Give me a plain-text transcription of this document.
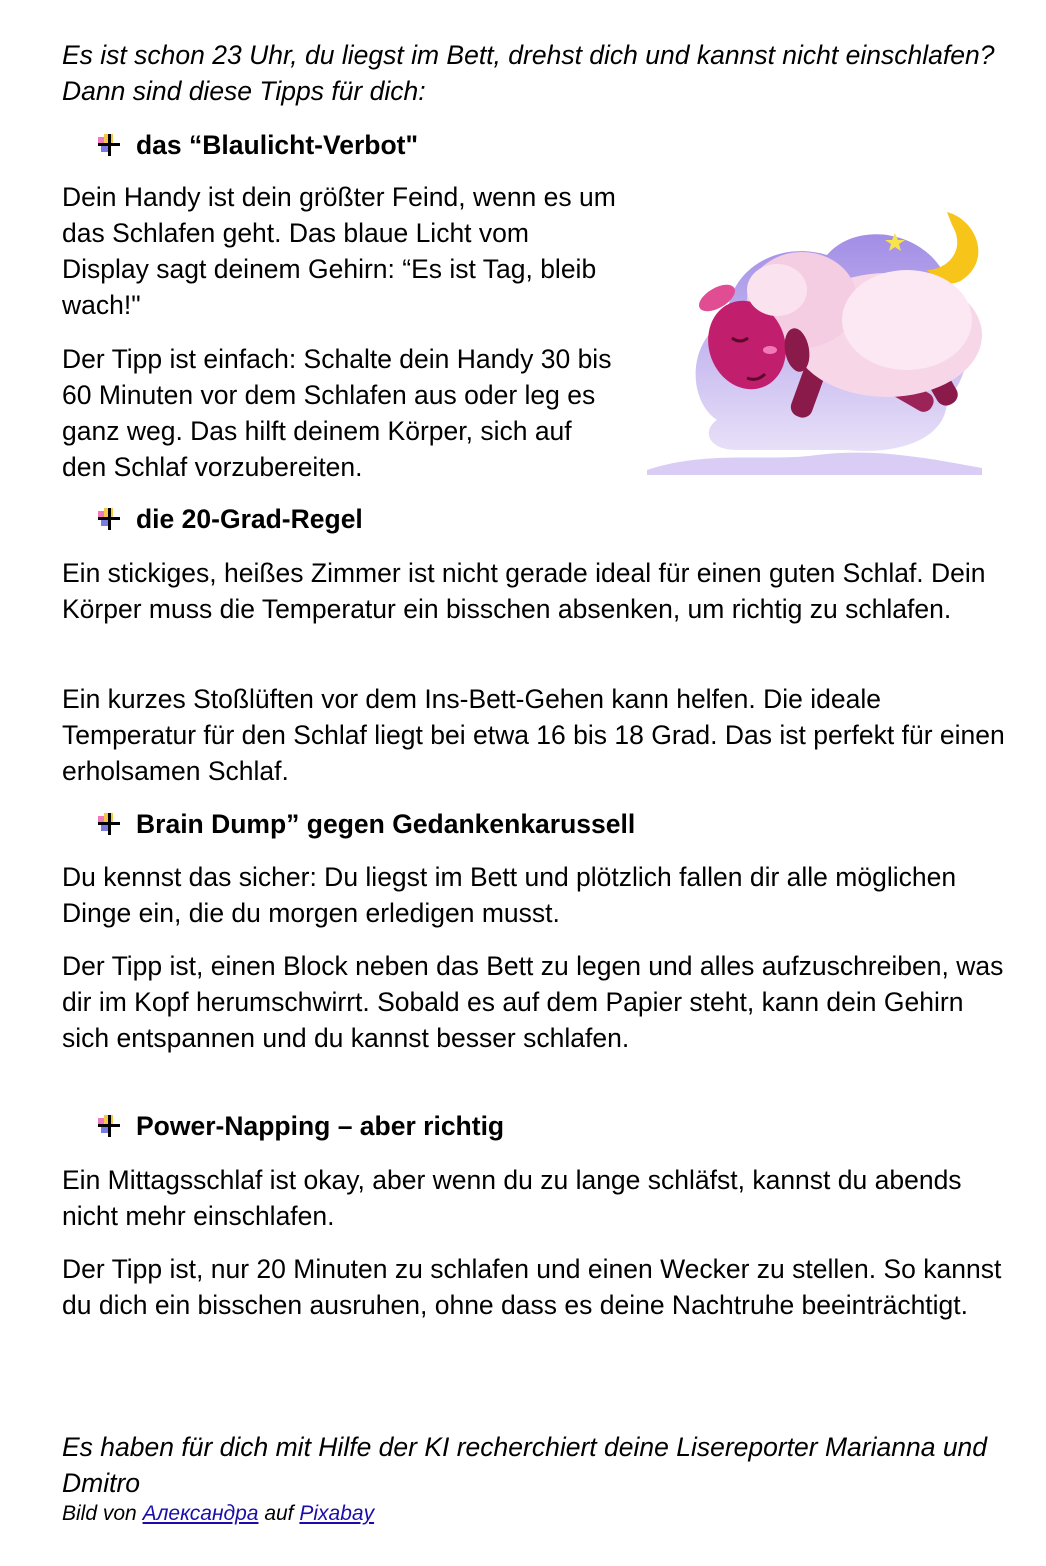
Es ist schon 23 Uhr, du liegst im Bett, drehst dich und kannst nicht einschlafen? Dann sind diese Tipps für dich:

das “Blaulicht-Verbot"

Dein Handy ist dein größter Feind, wenn es um das Schlafen geht. Das blaue Licht vom Display sagt deinem Gehirn: “Es ist Tag, bleib wach!"

Der Tipp ist einfach: Schalte dein Handy 30 bis 60 Minuten vor dem Schlafen aus oder leg es ganz weg. Das hilft deinem Körper, sich auf den Schlaf vorzubereiten.

die 20-Grad-Regel

Ein stickiges, heißes Zimmer ist nicht gerade ideal für einen guten Schlaf. Dein Körper muss die Temperatur ein bisschen absenken, um richtig zu schlafen.

Ein kurzes Stoßlüften vor dem Ins-Bett-Gehen kann helfen. Die ideale Temperatur für den Schlaf liegt bei etwa 16 bis 18 Grad. Das ist perfekt für einen erholsamen Schlaf.

Brain Dump” gegen Gedankenkarussell

Du kennst das sicher: Du liegst im Bett und plötzlich fallen dir alle möglichen Dinge ein, die du morgen erledigen musst.

Der Tipp ist, einen Block neben das Bett zu legen und alles aufzuschreiben, was dir im Kopf herumschwirrt. Sobald es auf dem Papier steht, kann dein Gehirn sich entspannen und du kannst besser schlafen.

Power-Napping – aber richtig

Ein Mittagsschlaf ist okay, aber wenn du zu lange schläfst, kannst du abends nicht mehr einschlafen.

Der Tipp ist, nur 20 Minuten zu schlafen und einen Wecker zu stellen. So kannst du dich ein bisschen ausruhen, ohne dass es deine Nachtruhe beeinträchtigt.

Es haben für dich mit Hilfe der KI recherchiert deine Lisereporter Marianna und Dmitro

Bild von Александра auf Pixabay
